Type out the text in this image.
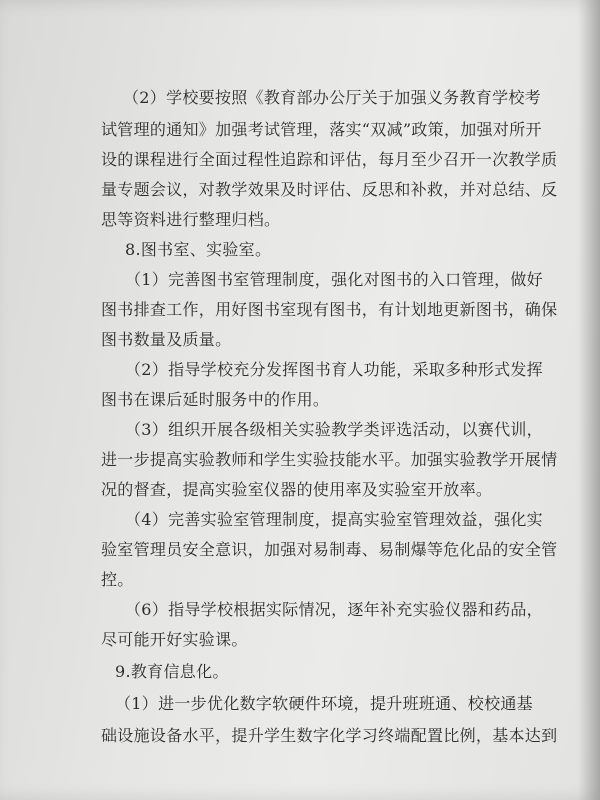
（2）学校要按照《教育部办公厅关于加强义务教育学校考
试管理的通知》加强考试管理，落实“双减”政策，加强对所开
设的课程进行全面过程性追踪和评估，每月至少召开一次教学质
量专题会议，对教学效果及时评估、反思和补救，并对总结、反
思等资料进行整理归档。
8.图书室、实验室。
（1）完善图书室管理制度，强化对图书的入口管理，做好
图书排查工作，用好图书室现有图书，有计划地更新图书，确保
图书数量及质量。
（2）指导学校充分发挥图书育人功能，采取多种形式发挥
图书在课后延时服务中的作用。
（3）组织开展各级相关实验教学类评选活动，以赛代训，
进一步提高实验教师和学生实验技能水平。加强实验教学开展情
况的督查，提高实验室仪器的使用率及实验室开放率。
（4）完善实验室管理制度，提高实验室管理效益，强化实
验室管理员安全意识，加强对易制毒、易制爆等危化品的安全管
控。
（6）指导学校根据实际情况，逐年补充实验仪器和药品，
尽可能开好实验课。
9.教育信息化。
（1）进一步优化数字软硬件环境，提升班班通、校校通基
础设施设备水平，提升学生数字化学习终端配置比例，基本达到
